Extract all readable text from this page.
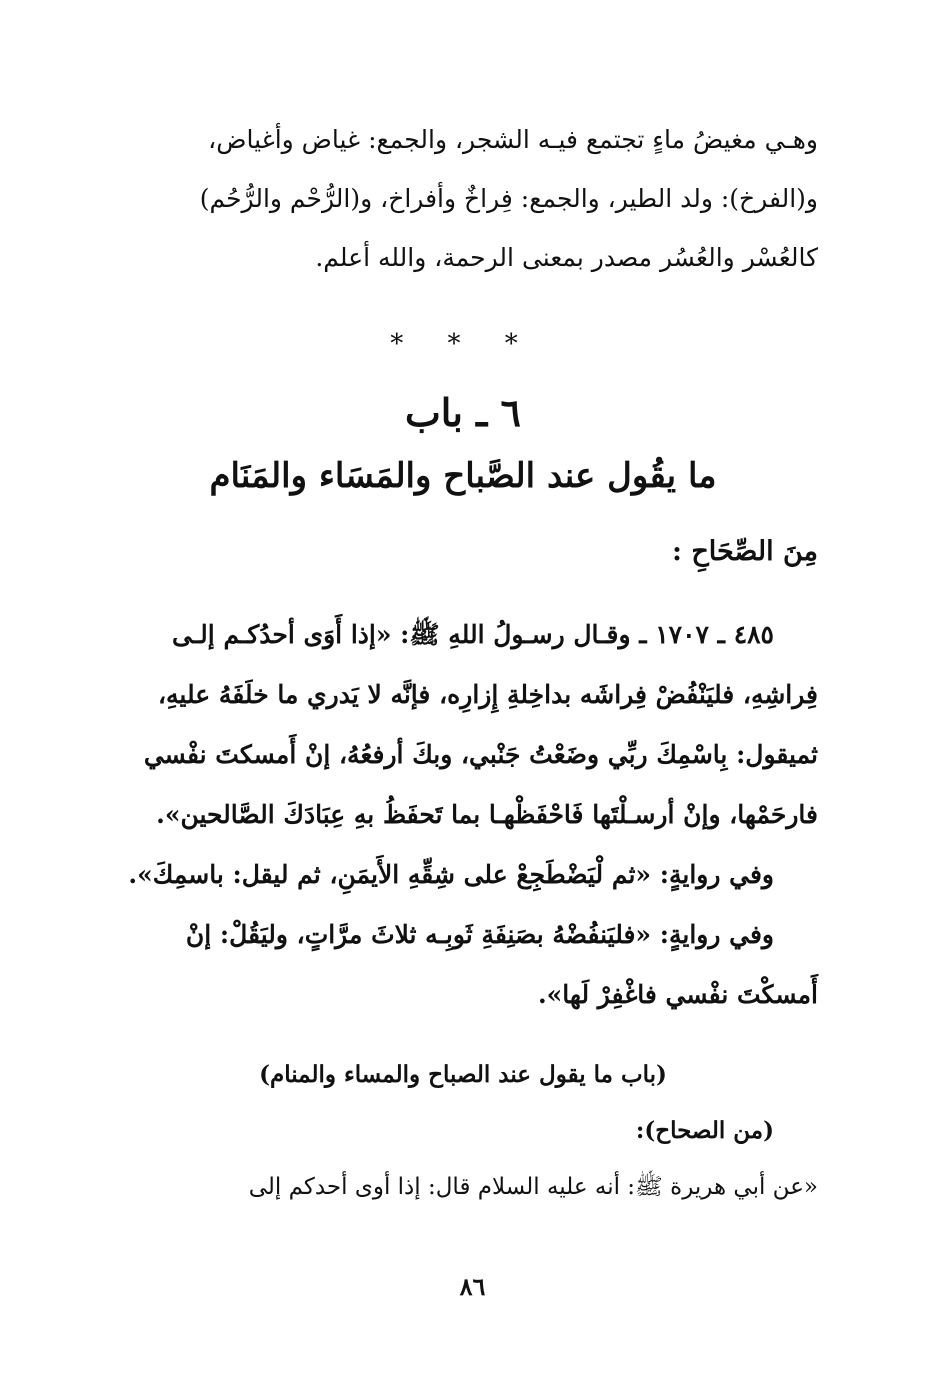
وهـي مغيضُ ماءٍ تجتمع فيـه الشجر، والجمع: غياض وأغياض،

و(الفرخ): ولد الطير، والجمع: فِراخٌ وأفراخ، و(الرُّحْم والرُّحُم)

كالعُسْر والعُسُر مصدر بمعنى الرحمة، والله أعلم.

* * *
٦ ـ باب
ما يقُول عند الصَّباح والمَسَاء والمَنَام
مِنَ الصِّحَاحِ :

٤٨٥ ـ ١٧٠٧ ـ وقـال رسـولُ اللهِ ﷺ: «إذا أَوَى أحدُكـم إلـى

فِراشِهِ، فليَنْفُضْ فِراشَه بداخِلةِ إِزارِه، فإنَّه لا يَدري ما خلَفَهُ عليهِ،

ثميقول: بِاسْمِكَ ربِّي وضَعْتُ جَنْبي، وبكَ أرفعُهُ، إنْ أَمسكتَ نفْسي

فارحَمْها، وإنْ أرسـلْتَها فَاحْفَظْهـا بما تَحفَظُ بهِ عِبَادَكَ الصَّالحين».

وفي روايةٍ: «ثم لْيَضْطَجِعْ على شِقِّهِ الأَيمَنِ، ثم ليقل: باسمِكَ».

وفي روايةٍ: «فليَنفُضْهُ بصَنِفَةِ ثَوبِـه ثلاثَ مرَّاتٍ، وليَقُلْ: إنْ

أَمسكْتَ نفْسي فاغْفِرْ لَها».

(باب ما يقول عند الصباح والمساء والمنام)

(من الصحاح):

«عن أبي هريرة ﷺ: أنه عليه السلام قال: إذا أوى أحدكم إلى

٨٦
